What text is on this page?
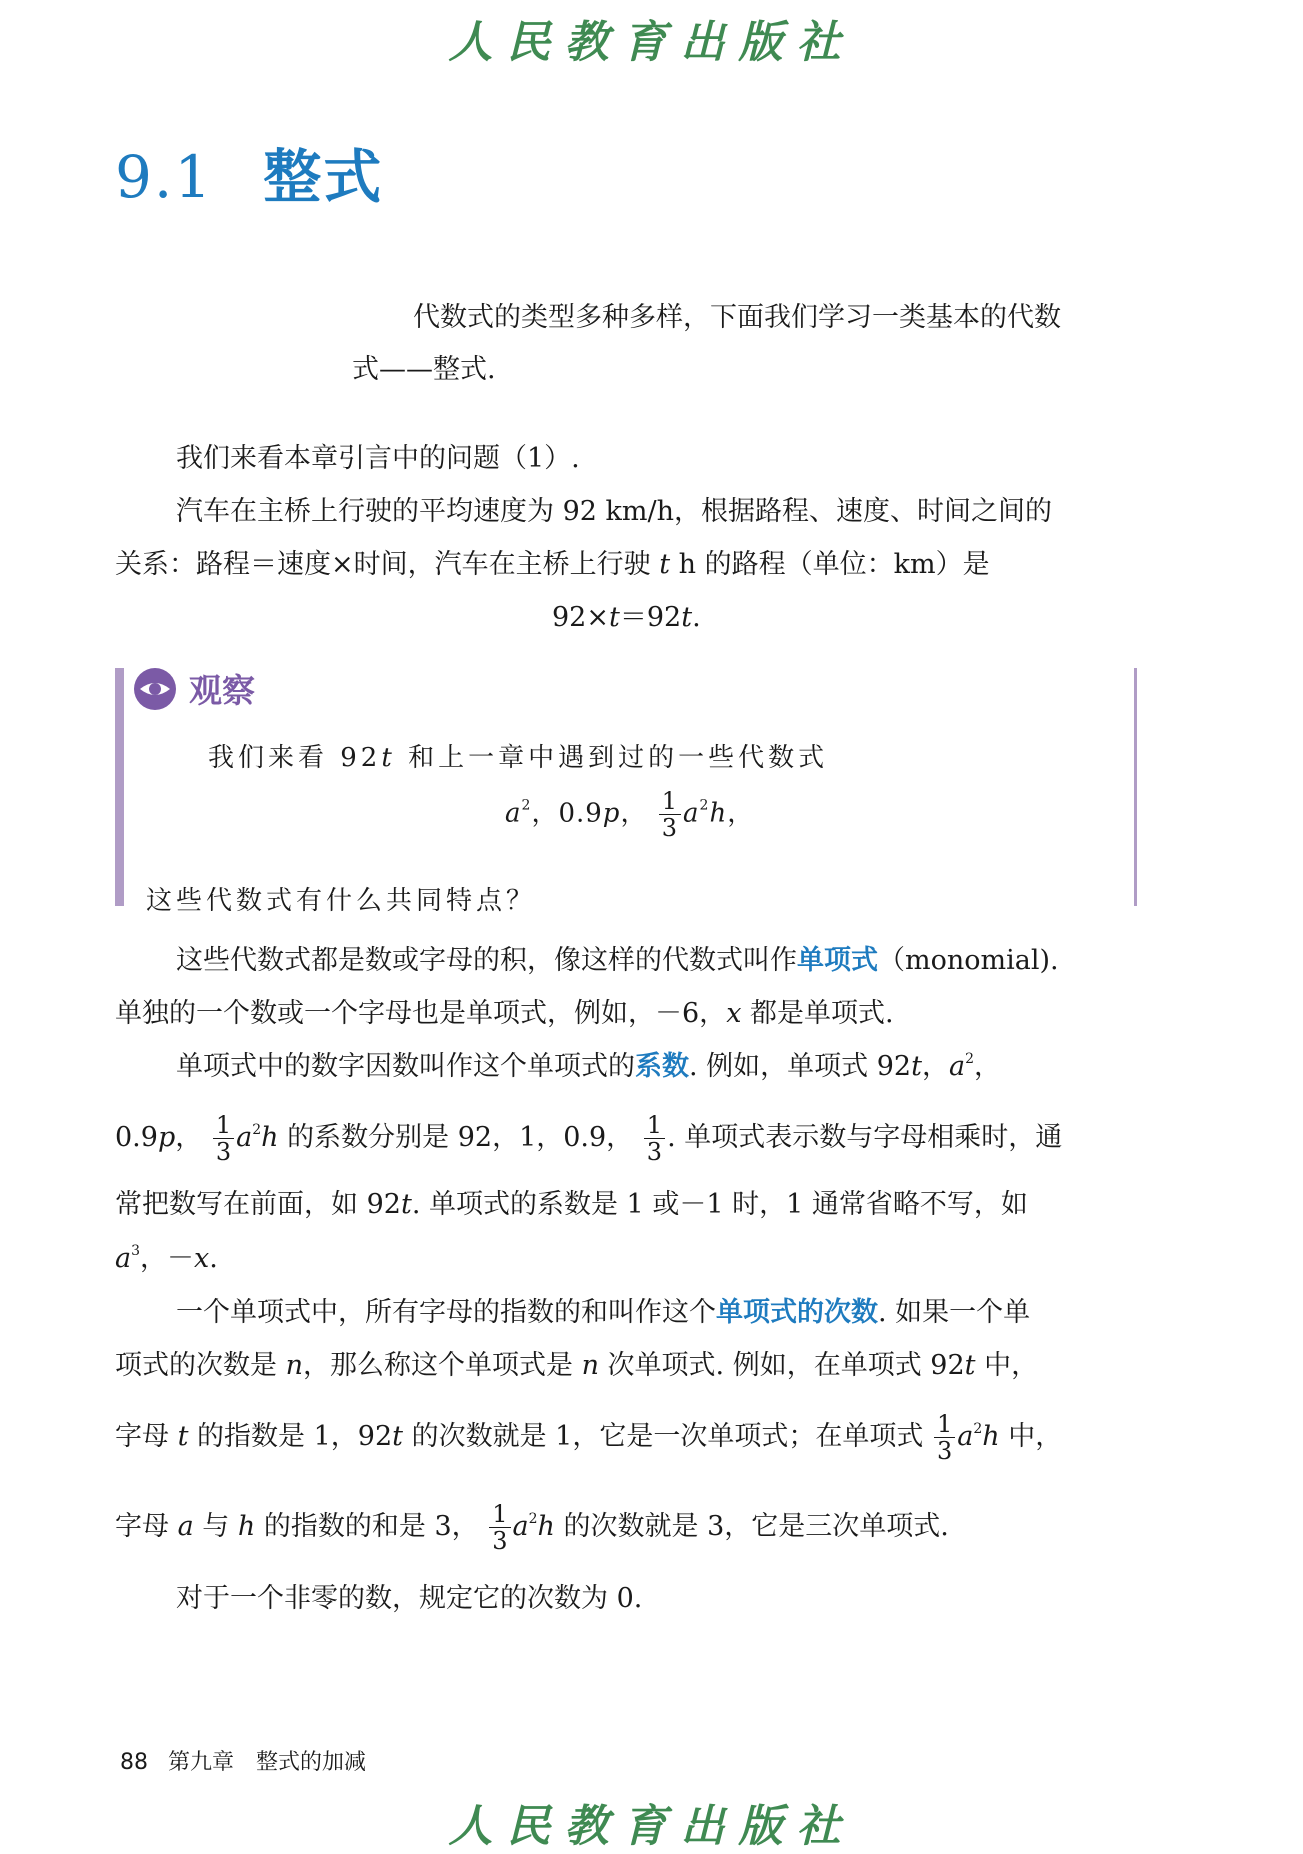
人民教育出版社
9.1 整式
代数式的类型多种多样，下面我们学习一类基本的代数
式——整式.
我们来看本章引言中的问题（1）.
汽车在主桥上行驶的平均速度为 92 km/h，根据路程、速度、时间之间的
关系：路程＝速度×时间，汽车在主桥上行驶 t h 的路程（单位：km）是
92×t＝92t.
观察
我们来看 92t 和上一章中遇到过的一些代数式
$a^2$，0.9p， $\frac{1}{3} a^2h$，
这些代数式有什么共同特点？
这些代数式都是数或字母的积，像这样的代数式叫作单项式（monomial).
单独的一个数或一个字母也是单项式，例如，－6，x 都是单项式.
单项式中的数字因数叫作这个单项式的系数. 例如，单项式 92t，$a^2$，
0.9p， $\frac{1}{3} a^2h$ 的系数分别是 92，1，0.9， $\frac{1}{3}$ . 单项式表示数与字母相乘时，通
常把数写在前面，如 92t. 单项式的系数是 1 或－1 时，1 通常省略不写，如
$a^3$，－x.
一个单项式中，所有字母的指数的和叫作这个单项式的次数. 如果一个单
项式的次数是 n，那么称这个单项式是 n 次单项式. 例如，在单项式 92t 中，
字母 t 的指数是 1，92t 的次数就是 1，它是一次单项式；在单项式 $\frac{1}{3} a^2h$ 中，
字母 a 与 h 的指数的和是 3， $\frac{1}{3} a^2h$ 的次数就是 3，它是三次单项式.
对于一个非零的数，规定它的次数为 0.
88 第九章　整式的加减
人民教育出版社
